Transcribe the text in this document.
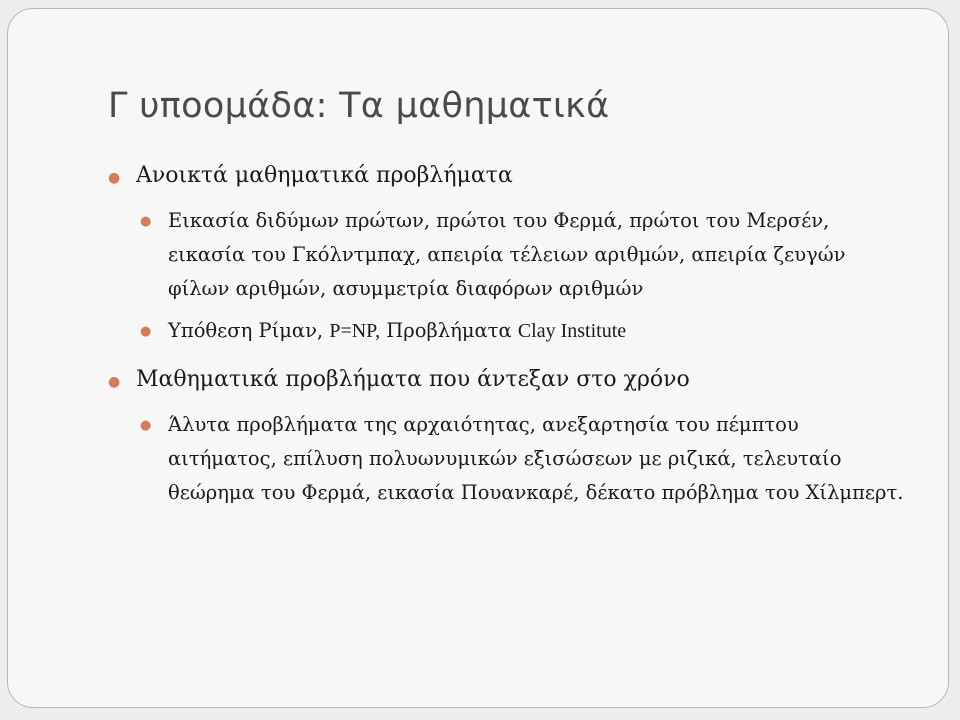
Γ υποομάδα: Τα μαθηματικά
● Ανοικτά μαθηματικά προβλήματα
● Εικασία διδύμων πρώτων, πρώτοι του Φερμά, πρώτοι του Μερσέν, εικασία του Γκόλντμπαχ, απειρία τέλειων αριθμών, απειρία ζευγών φίλων αριθμών, ασυμμετρία διαφόρων αριθμών
● Υπόθεση Ρίμαν, P=NP, Προβλήματα Clay Institute
● Μαθηματικά προβλήματα που άντεξαν στο χρόνο
● Άλυτα προβλήματα της αρχαιότητας, ανεξαρτησία του πέμπτου αιτήματος, επίλυση πολυωνυμικών εξισώσεων με ριζικά, τελευταίο θεώρημα του Φερμά, εικασία Πουανκαρέ, δέκατο πρόβλημα του Χίλμπερτ.
